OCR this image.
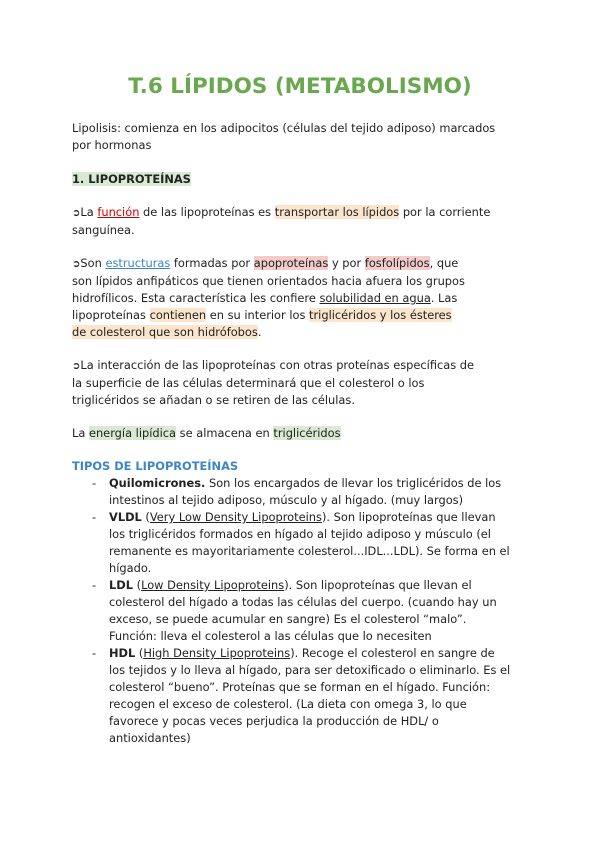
T.6 LÍPIDOS (METABOLISMO)
Lipolisis: comienza en los adipocitos (células del tejido adiposo) marcados
por hormonas
1. LIPOPROTEÍNAS
➲La función de las lipoproteínas es transportar los lípidos por la corriente
sanguínea.
➲Son estructuras formadas por apoproteínas y por fosfolípidos, que
son lípidos anfipáticos que tienen orientados hacia afuera los grupos
hidrofílicos. Esta característica les confiere solubilidad en agua. Las
lipoproteínas contienen en su interior los triglicéridos y los ésteres
de colesterol que son hidrófobos.
➲La interacción de las lipoproteínas con otras proteínas específicas de
la superficie de las células determinará que el colesterol o los
triglicéridos se añadan o se retiren de las células.
La energía lipídica se almacena en triglicéridos
TIPOS DE LIPOPROTEÍNAS
- Quilomicrones. Son los encargados de llevar los triglicéridos de los
intestinos al tejido adiposo, músculo y al hígado. (muy largos)
- VLDL (Very Low Density Lipoproteins). Son lipoproteínas que llevan
los triglicéridos formados en hígado al tejido adiposo y músculo (el
remanente es mayoritariamente colesterol...IDL...LDL). Se forma en el
hígado.
- LDL (Low Density Lipoproteins). Son lipoproteínas que llevan el
colesterol del hígado a todas las células del cuerpo. (cuando hay un
exceso, se puede acumular en sangre) Es el colesterol “malo”.
Función: lleva el colesterol a las células que lo necesiten
- HDL (High Density Lipoproteins). Recoge el colesterol en sangre de
los tejidos y lo lleva al hígado, para ser detoxificado o eliminarlo. Es el
colesterol “bueno”. Proteínas que se forman en el hígado. Función:
recogen el exceso de colesterol. (La dieta con omega 3, lo que
favorece y pocas veces perjudica la producción de HDL/ o
antioxidantes)
